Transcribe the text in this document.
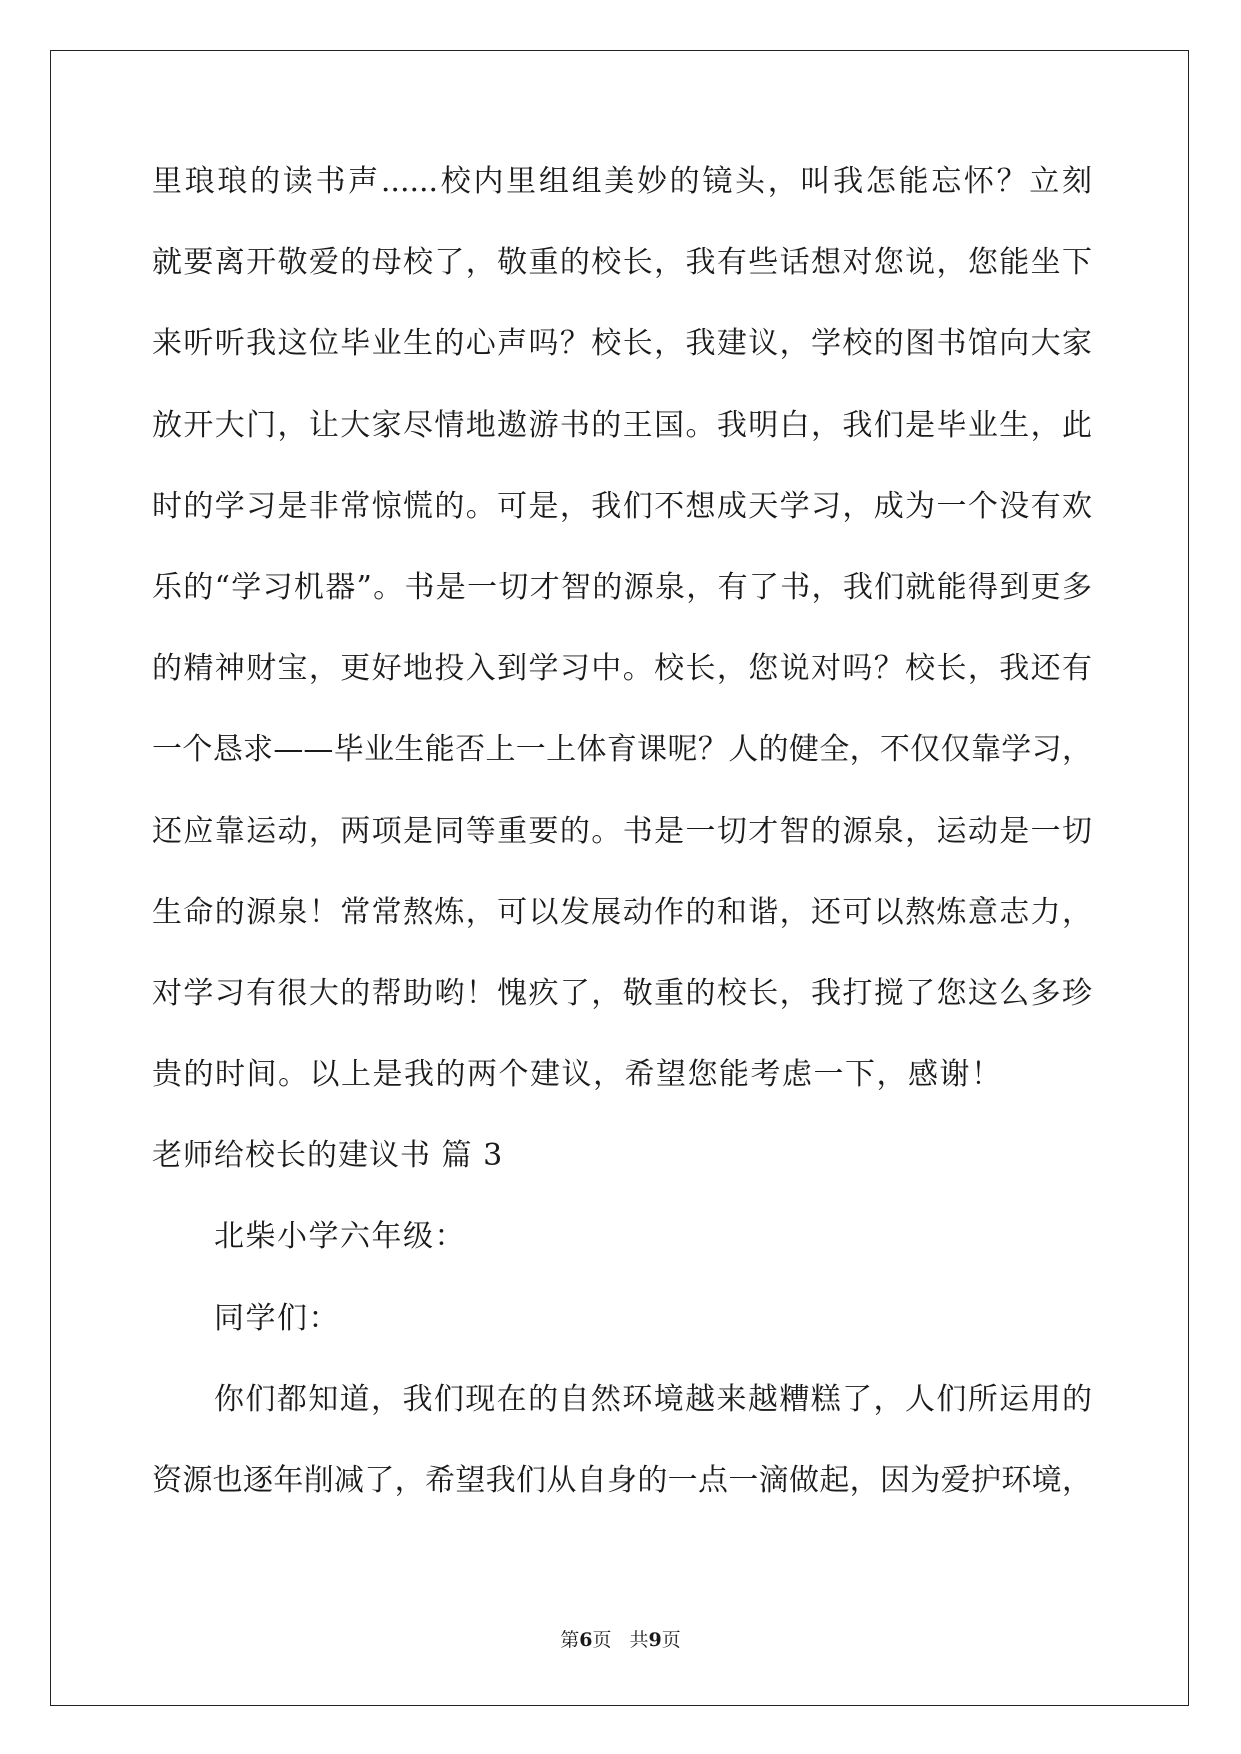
里琅琅的读书声......校内里组组美妙的镜头，叫我怎能忘怀？立刻
就要离开敬爱的母校了，敬重的校长，我有些话想对您说，您能坐下
来听听我这位毕业生的心声吗？校长，我建议，学校的图书馆向大家
放开大门，让大家尽情地遨游书的王国。我明白，我们是毕业生，此
时的学习是非常惊慌的。可是，我们不想成天学习，成为一个没有欢
乐的“学习机器”。书是一切才智的源泉，有了书，我们就能得到更多
的精神财宝，更好地投入到学习中。校长，您说对吗？校长，我还有
一个恳求——毕业生能否上一上体育课呢？人的健全，不仅仅靠学习，
还应靠运动，两项是同等重要的。书是一切才智的源泉，运动是一切
生命的源泉！常常熬炼，可以发展动作的和谐，还可以熬炼意志力，
对学习有很大的帮助哟！愧疚了，敬重的校长，我打搅了您这么多珍
贵的时间。以上是我的两个建议，希望您能考虑一下，感谢！
老师给校长的建议书 篇 3
北柴小学六年级：
同学们：
你们都知道，我们现在的自然环境越来越糟糕了，人们所运用的
资源也逐年削减了，希望我们从自身的一点一滴做起，因为爱护环境，
第6页 共9页
